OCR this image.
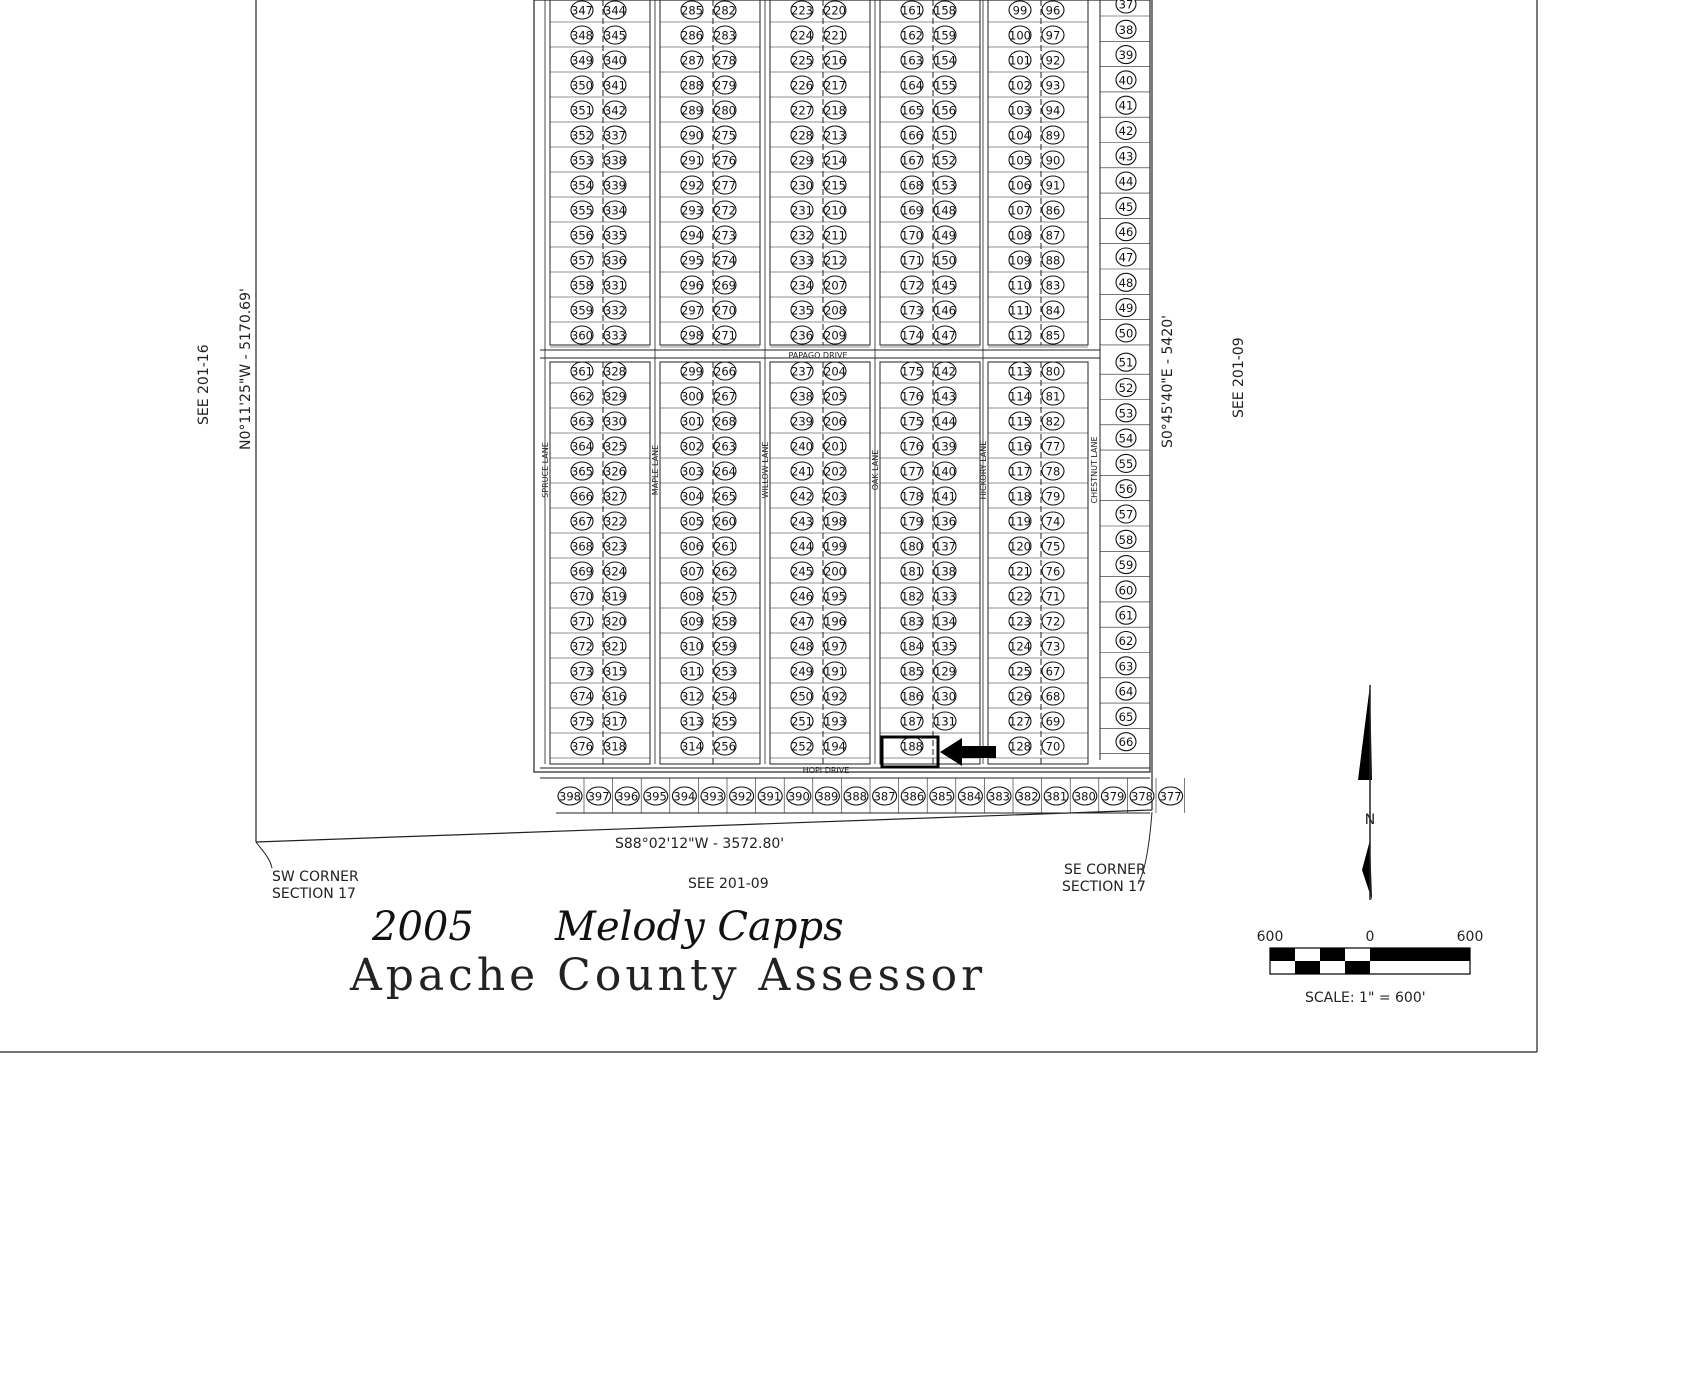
347 344
348 345
349 340
350 341
351 342
352 337
353 338
354 339
355 334
356 335
357 336
358 331
359 332
360 333
361 328
362 329
363 330
364 325
365 326
366 327
367 322
368 323
369 324
370 319
371 320
372 321
373 315
374 316
375 317
376 318
285 282
286 283
287 278
288 279
289 280
290 275
291 276
292 277
293 272
294 273
295 274
296 269
297 270
298 271
299 266
300 267
301 268
302 263
303 264
304 265
305 260
306 261
307 262
308 257
309 258
310 259
311 253
312 254
313 255
314 256
223 220
224 221
225 216
226 217
227 218
228 213
229 214
230 215
231 210
232 211
233 212
234 207
235 208
236 209
237 204
238 205
239 206
240 201
241 202
242 203
243 198
244 199
245 200
246 195
247 196
248 197
249 191
250 192
251 193
252 194
161 158
162 159
163 154
164 155
165 156
166 151
167 152
168 153
169 148
170 149
171 150
172 145
173 146
174 147
175 142
176 143
175 144
176 139
177 140
178 141
179 136
180 137
181 138
182 133
183 134
184 135
185 129
186 130
187 131
188
99 96
100 97
101 92
102 93
103 94
104 89
105 90
106 91
107 86
108 87
109 88
110 83
111 84
112 85
113 80
114 81
115 82
116 77
117 78
118 79
119 74
120 75
121 76
122 71
123 72
124 73
125 67
126 68
127 69
128 70
37
38
39
40
41
42
43
44
45
46
47
48
49
50
51
52
53
54
55
56
57
58
59
60
61
62
63
64
65
66
398 397 396 395 394 393 392 391 390 389 388 387 386 385 384 383 382 381 380 379 378 377
PAPAGO DRIVE
HOPI DRIVE
SPRUCE LANE	MAPLE LANE	WILLOW LANE	OAK LANE	HICKORY LANE	CHESTNUT LANE
SEE 201-16 N0°11'25"W - 5170.69'	SEE 201-09
S0°45'40"E - 5420'
S88°02'12"W - 3572.80'
SEE 201-09
SW CORNER
SECTION 17
SE CORNER
SECTION 17
2005 Melody Capps
Apache County Assessor
N
600	0	600
SCALE: 1" = 600'
